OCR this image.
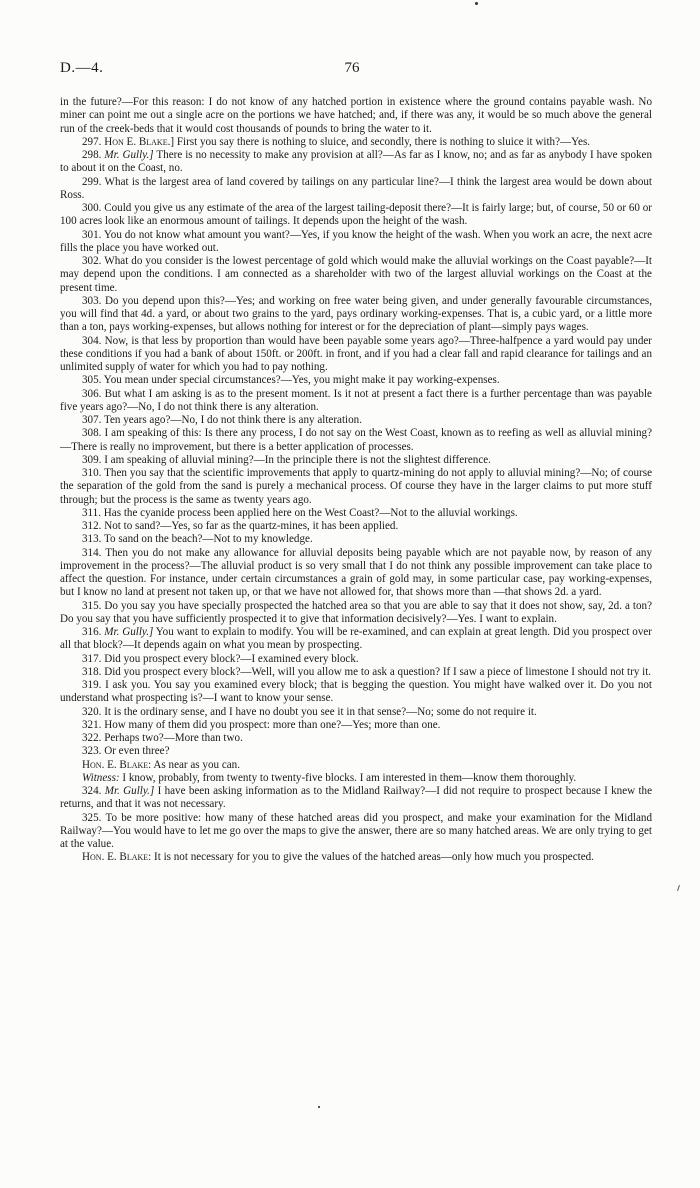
D.—4.	76

in the future?—For this reason: I do not know of any hatched portion in existence where the ground contains payable wash. No miner can point me out a single acre on the portions we have hatched; and, if there was any, it would be so much above the general run of the creek-beds that it would cost thousands of pounds to bring the water to it.

297. Hon E. Blake.] First you say there is nothing to sluice, and secondly, there is nothing to sluice it with?—Yes.

298. Mr. Gully.] There is no necessity to make any provision at all?—As far as I know, no; and as far as anybody I have spoken to about it on the Coast, no.

299. What is the largest area of land covered by tailings on any particular line?—I think the largest area would be down about Ross.

300. Could you give us any estimate of the area of the largest tailing-deposit there?—It is fairly large; but, of course, 50 or 60 or 100 acres look like an enormous amount of tailings. It depends upon the height of the wash.

301. You do not know what amount you want?—Yes, if you know the height of the wash. When you work an acre, the next acre fills the place you have worked out.

302. What do you consider is the lowest percentage of gold which would make the alluvial workings on the Coast payable?—It may depend upon the conditions. I am connected as a shareholder with two of the largest alluvial workings on the Coast at the present time.

303. Do you depend upon this?—Yes; and working on free water being given, and under generally favourable circumstances, you will find that 4d. a yard, or about two grains to the yard, pays ordinary working-expenses. That is, a cubic yard, or a little more than a ton, pays working-expenses, but allows nothing for interest or for the depreciation of plant—simply pays wages.

304. Now, is that less by proportion than would have been payable some years ago?—Three-halfpence a yard would pay under these conditions if you had a bank of about 150ft. or 200ft. in front, and if you had a clear fall and rapid clearance for tailings and an unlimited supply of water for which you had to pay nothing.

305. You mean under special circumstances?—Yes, you might make it pay working-expenses.

306. But what I am asking is as to the present moment. Is it not at present a fact there is a further percentage than was payable five years ago?—No, I do not think there is any alteration.

307. Ten years ago?—No, I do not think there is any alteration.

308. I am speaking of this: Is there any process, I do not say on the West Coast, known as to reefing as well as alluvial mining?—There is really no improvement, but there is a better application of processes.

309. I am speaking of alluvial mining?—In the principle there is not the slightest difference.

310. Then you say that the scientific improvements that apply to quartz-mining do not apply to alluvial mining?—No; of course the separation of the gold from the sand is purely a mechanical process. Of course they have in the larger claims to put more stuff through; but the process is the same as twenty years ago.

311. Has the cyanide process been applied here on the West Coast?—Not to the alluvial workings.

312. Not to sand?—Yes, so far as the quartz-mines, it has been applied.

313. To sand on the beach?—Not to my knowledge.

314. Then you do not make any allowance for alluvial deposits being payable which are not payable now, by reason of any improvement in the process?—The alluvial product is so very small that I do not think any possible improvement can take place to affect the question. For instance, under certain circumstances a grain of gold may, in some particular case, pay working-expenses, but I know no land at present not taken up, or that we have not allowed for, that shows more than —that shows 2d. a yard.

315. Do you say you have specially prospected the hatched area so that you are able to say that it does not show, say, 2d. a ton? Do you say that you have sufficiently prospected it to give that information decisively?—Yes. I want to explain.

316. Mr. Gully.] You want to explain to modify. You will be re-examined, and can explain at great length. Did you prospect over all that block?—It depends again on what you mean by prospecting.

317. Did you prospect every block?—I examined every block.

318. Did you prospect every block?—Well, will you allow me to ask a question? If I saw a piece of limestone I should not try it.

319. I ask you. You say you examined every block; that is begging the question. You might have walked over it. Do you not understand what prospecting is?—I want to know your sense.

320. It is the ordinary sense, and I have no doubt you see it in that sense?—No; some do not require it.

321. How many of them did you prospect: more than one?—Yes; more than one.

322. Perhaps two?—More than two.

323. Or even three?

Hon. E. Blake: As near as you can.

Witness: I know, probably, from twenty to twenty-five blocks. I am interested in them—know them thoroughly.

324. Mr. Gully.] I have been asking information as to the Midland Railway?—I did not require to prospect because I knew the returns, and that it was not necessary.

325. To be more positive: how many of these hatched areas did you prospect, and make your examination for the Midland Railway?—You would have to let me go over the maps to give the answer, there are so many hatched areas. We are only trying to get at the value.

Hon. E. Blake: It is not necessary for you to give the values of the hatched areas—only how much you prospected.
